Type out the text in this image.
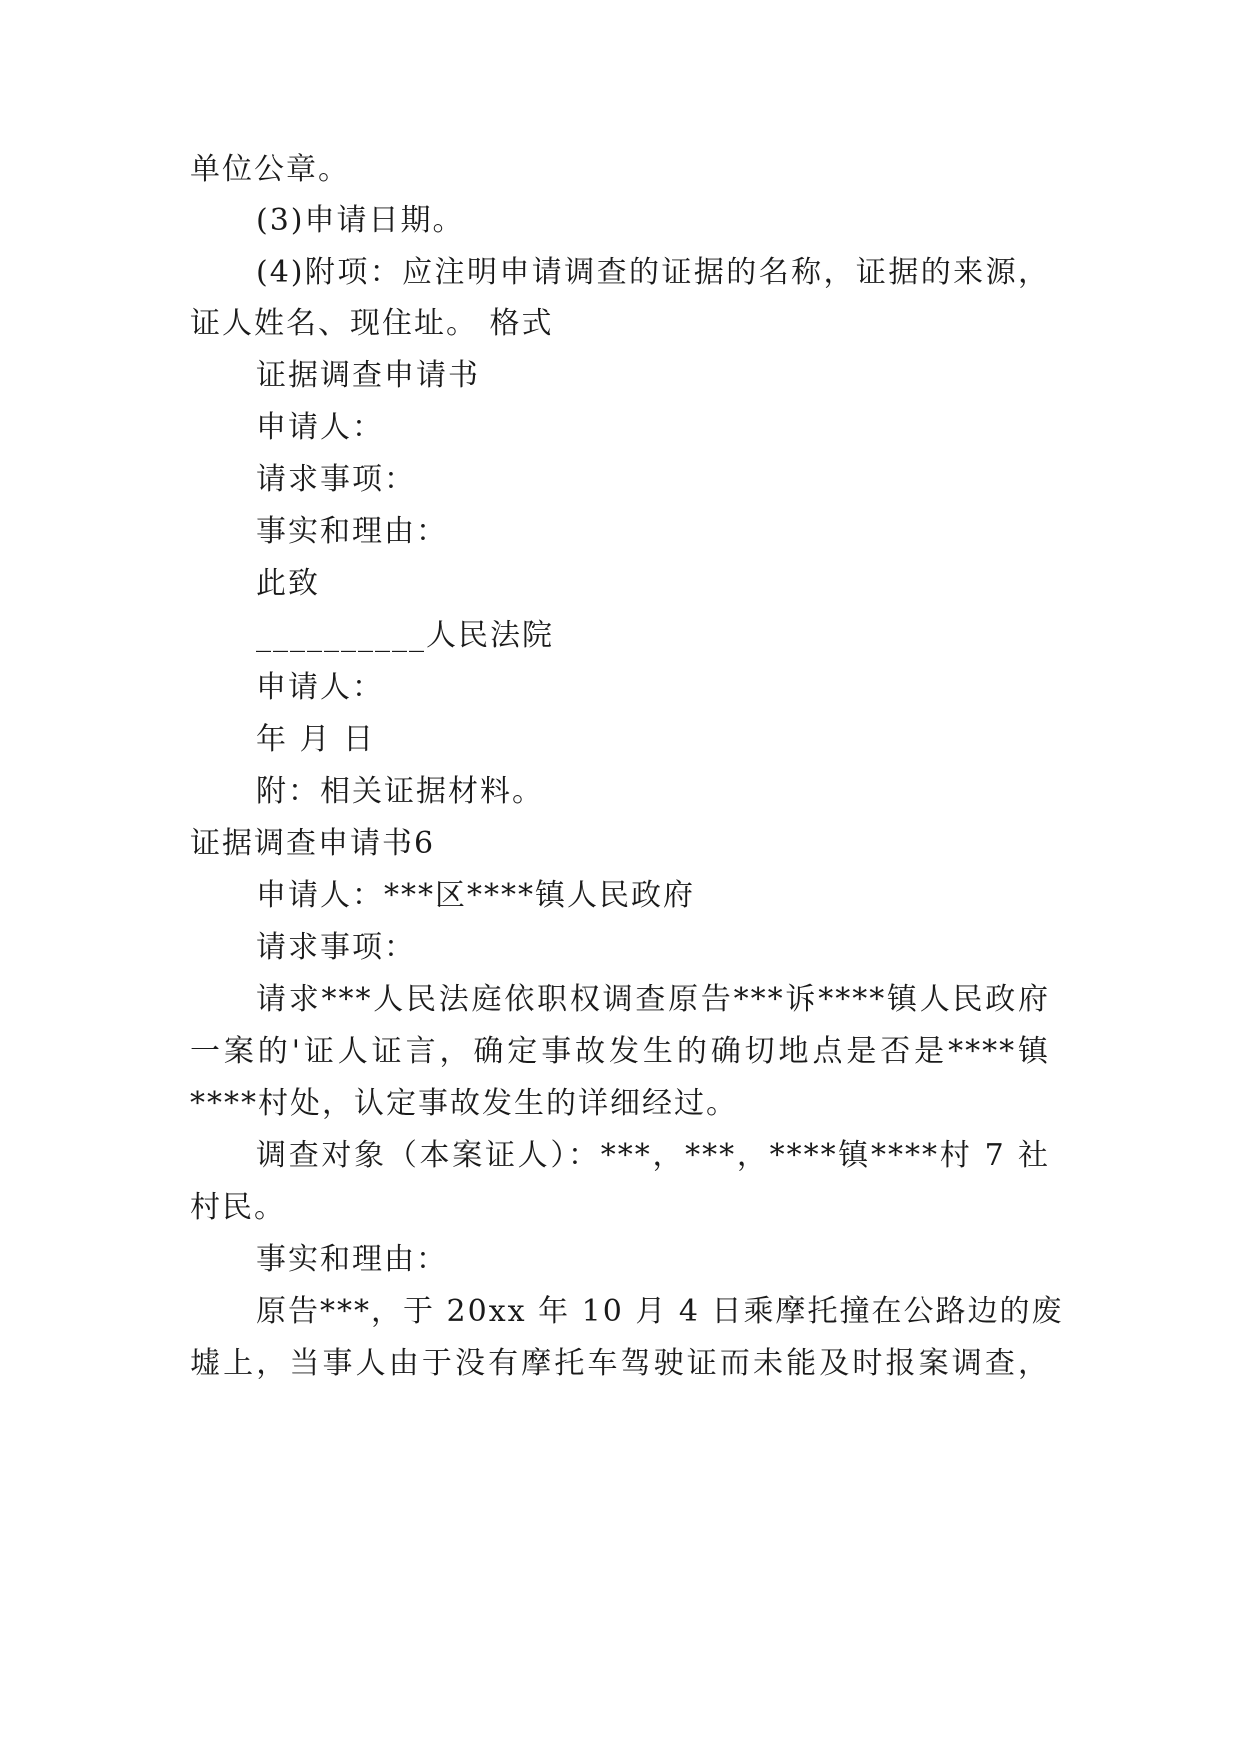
单位公章。
(3)申请日期。
(4)附项：应注明申请调查的证据的名称，证据的来源，
证人姓名、现住址。 格式
证据调查申请书
申请人：
请求事项：
事实和理由：
此致
__________人民法院
申请人：
年 月 日
附：相关证据材料。
证据调查申请书6
申请人：***区****镇人民政府
请求事项：
请求***人民法庭依职权调查原告***诉****镇人民政府
一案的'证人证言，确定事故发生的确切地点是否是****镇
****村处，认定事故发生的详细经过。
调查对象（本案证人）：***，***，****镇****村 7 社
村民。
事实和理由：
原告***，于 20xx 年 10 月 4 日乘摩托撞在公路边的废
墟上，当事人由于没有摩托车驾驶证而未能及时报案调查，
